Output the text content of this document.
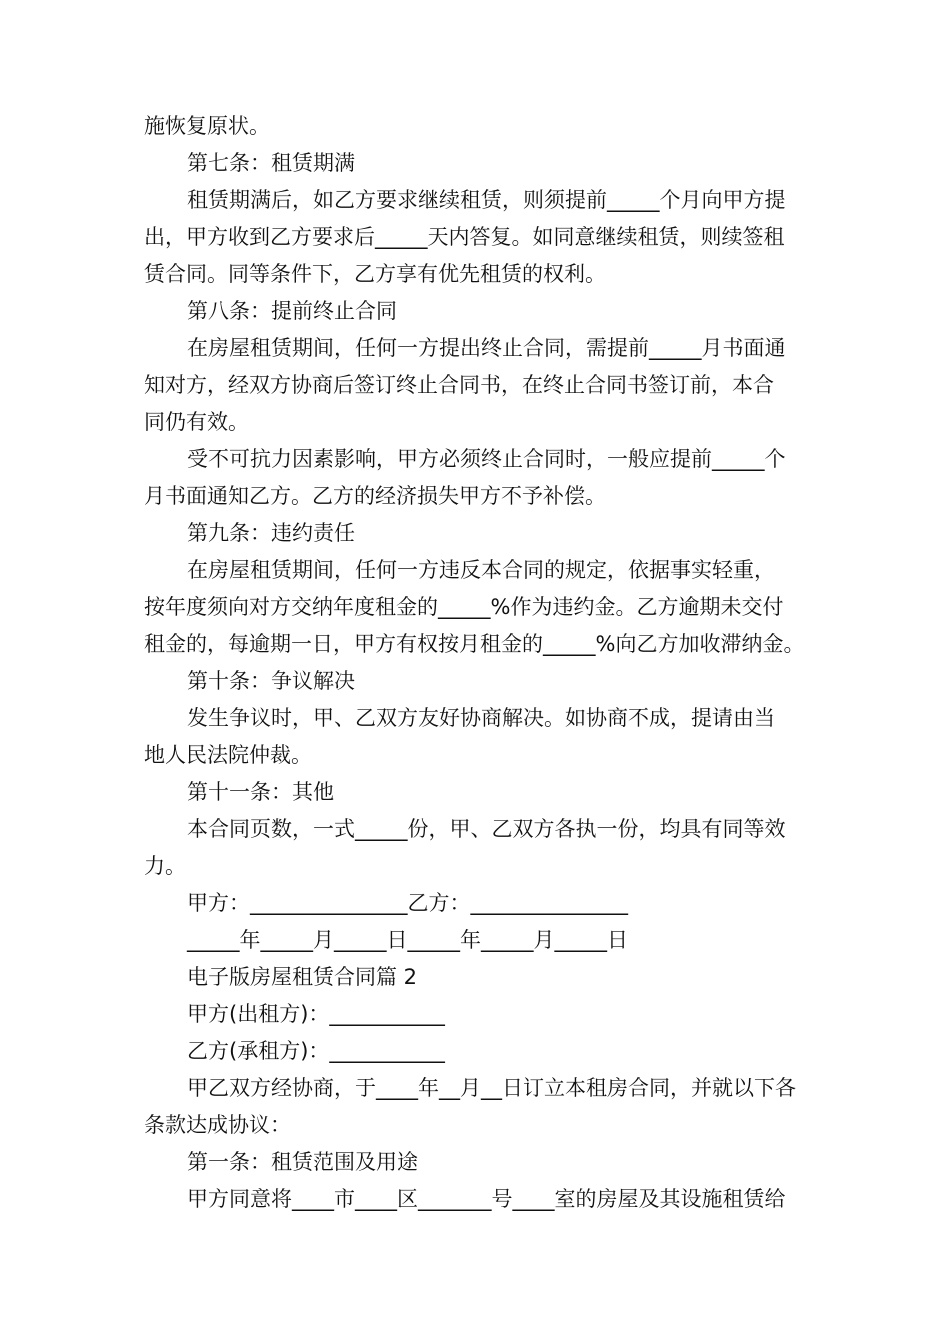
施恢复原状。
第七条：租赁期满
租赁期满后，如乙方要求继续租赁，则须提前_____个月向甲方提
出，甲方收到乙方要求后_____天内答复。如同意继续租赁，则续签租
赁合同。同等条件下，乙方享有优先租赁的权利。
第八条：提前终止合同
在房屋租赁期间，任何一方提出终止合同，需提前_____月书面通
知对方，经双方协商后签订终止合同书，在终止合同书签订前，本合
同仍有效。
受不可抗力因素影响，甲方必须终止合同时，一般应提前_____个
月书面通知乙方。乙方的经济损失甲方不予补偿。
第九条：违约责任
在房屋租赁期间，任何一方违反本合同的规定，依据事实轻重，
按年度须向对方交纳年度租金的_____%作为违约金。乙方逾期未交付
租金的，每逾期一日，甲方有权按月租金的_____%向乙方加收滞纳金。
第十条：争议解决
发生争议时，甲、乙双方友好协商解决。如协商不成，提请由当
地人民法院仲裁。
第十一条：其他
本合同页数，一式_____份，甲、乙双方各执一份，均具有同等效
力。
甲方：_______________乙方：_______________
_____年_____月_____日_____年_____月_____日
电子版房屋租赁合同篇 2
甲方(出租方)：___________
乙方(承租方)：___________
甲乙双方经协商，于____年__月__日订立本租房合同，并就以下各
条款达成协议：
第一条：租赁范围及用途
甲方同意将____市____区_______号____室的房屋及其设施租赁给
